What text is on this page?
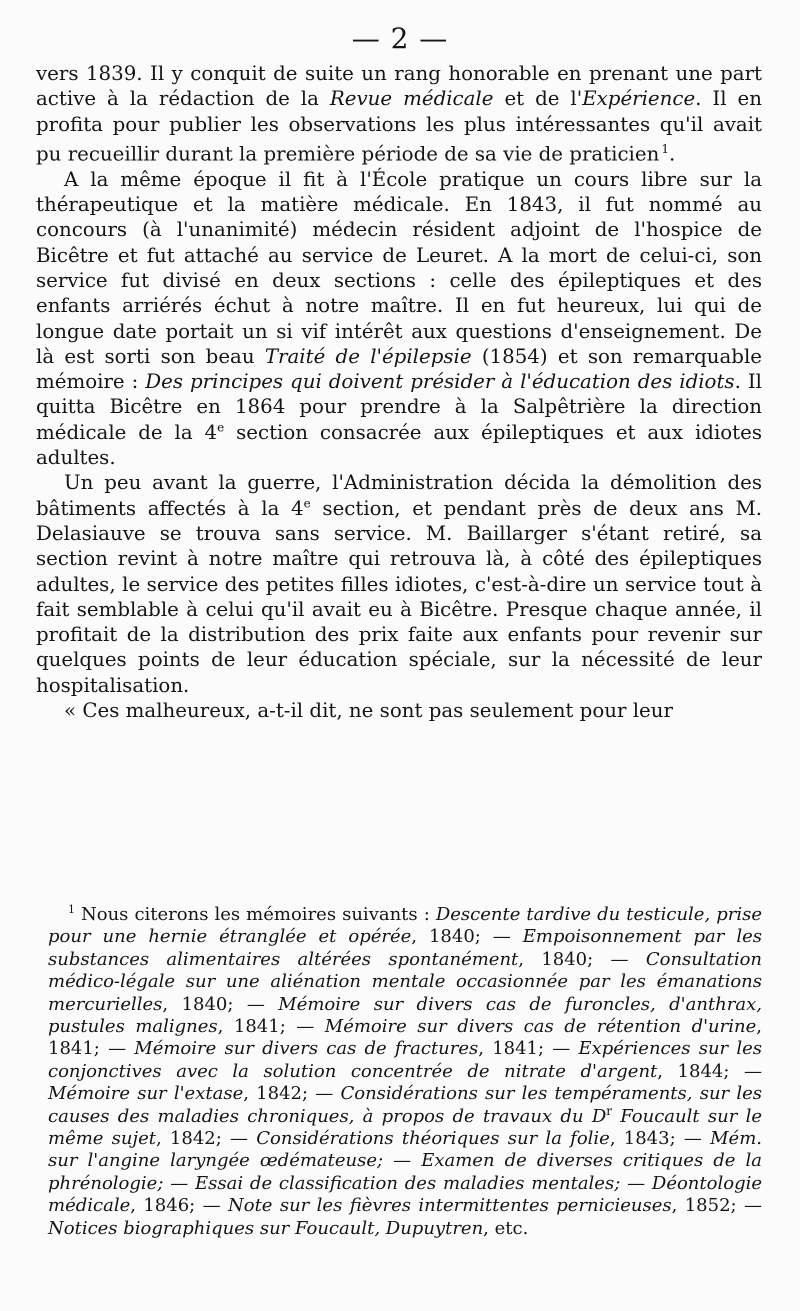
— 2 —

vers 1839. Il y conquit de suite un rang honorable en prenant une part active à la rédaction de la Revue médicale et de l'Expérience. Il en profita pour publier les observations les plus intéressantes qu'il avait pu recueillir durant la première période de sa vie de praticien $^1$.

A la même époque il fit à l'École pratique un cours libre sur la thérapeutique et la matière médicale. En 1843, il fut nommé au concours (à l'unanimité) médecin résident adjoint de l'hospice de Bicêtre et fut attaché au service de Leuret. A la mort de celui-ci, son service fut divisé en deux sections : celle des épileptiques et des enfants arriérés échut à notre maître. Il en fut heureux, lui qui de longue date portait un si vif intérêt aux questions d'enseignement. De là est sorti son beau Traité de l'épilepsie (1854) et son remarquable mémoire : Des principes qui doivent présider à l'éducation des idiots. Il quitta Bicêtre en 1864 pour prendre à la Salpêtrière la direction médicale de la 4e section consacrée aux épileptiques et aux idiotes adultes.

Un peu avant la guerre, l'Administration décida la démolition des bâtiments affectés à la 4e section, et pendant près de deux ans M. Delasiauve se trouva sans service. M. Baillarger s'étant retiré, sa section revint à notre maître qui retrouva là, à côté des épileptiques adultes, le service des petites filles idiotes, c'est-à-dire un service tout à fait semblable à celui qu'il avait eu à Bicêtre. Presque chaque année, il profitait de la distribution des prix faite aux enfants pour revenir sur quelques points de leur éducation spéciale, sur la nécessité de leur hospitalisation.

« Ces malheureux, a-t-il dit, ne sont pas seulement pour leur

$^1$ Nous citerons les mémoires suivants : Descente tardive du testicule, prise pour une hernie étranglée et opérée, 1840; — Empoisonnement par les substances alimentaires altérées spontanément, 1840; — Consultation médico-légale sur une aliénation mentale occasionnée par les émanations mercurielles, 1840; — Mémoire sur divers cas de furoncles, d'anthrax, pustules malignes, 1841; — Mémoire sur divers cas de rétention d'urine, 1841; — Mémoire sur divers cas de fractures, 1841; — Expériences sur les conjonctives avec la solution concentrée de nitrate d'argent, 1844; — Mémoire sur l'extase, 1842; — Considérations sur les tempéraments, sur les causes des maladies chroniques, à propos de travaux du $D^r$ Foucault sur le même sujet, 1842; — Considérations théoriques sur la folie, 1843; — Mém. sur l'angine laryngée œdémateuse; — Examen de diverses critiques de la phrénologie; — Essai de classification des maladies mentales; — Déontologie médicale, 1846; — Note sur les fièvres intermittentes pernicieuses, 1852; — Notices biographiques sur Foucault, Dupuytren, etc.
